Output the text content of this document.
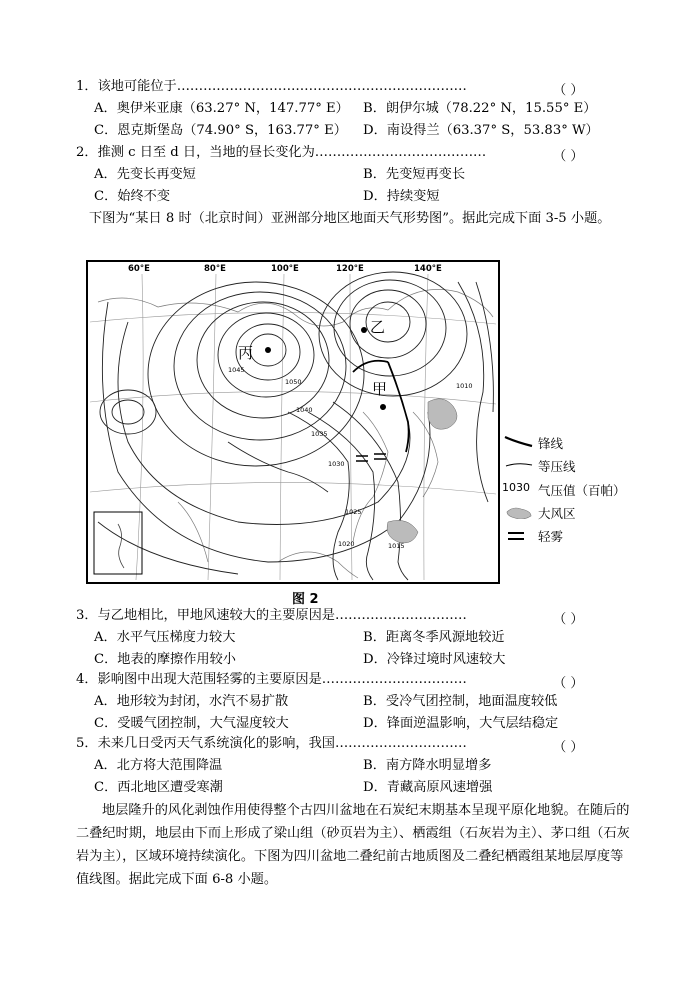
1．该地可能位于…………………………………………………………	（ ）
A．奥伊米亚康（63.27° N，147.77° E） B．朗伊尔城（78.22° N，15.55° E）
C．恩克斯堡岛（74.90° S，163.77° E） D．南设得兰（63.37° S，53.83° W）
2．推测 c 日至 d 日，当地的昼长变化为…………………………………	（ ）
A．先变长再变短	B．先变短再变长
C．始终不变	D．持续变短
下图为“某日 8 时（北京时间）亚洲部分地区地面天气形势图”。据此完成下面 3-5 小题。
60°E	80°E	100°E	120°E	140°E
1045
1050
1040
1035
1030
1025
1020	1015
1010
丙
甲
乙
锋线
等压线
1030 气压值（百帕）
大风区
轻雾
图 2
3．与乙地相比，甲地风速较大的主要原因是…………………………	（ ）
A．水平气压梯度力较大	B．距离冬季风源地较近
C．地表的摩擦作用较小	D．冷锋过境时风速较大
4．影响图中出现大范围轻雾的主要原因是……………………………	（ ）
A．地形较为封闭，水汽不易扩散	B．受冷气团控制，地面温度较低
C．受暖气团控制，大气湿度较大	D．锋面逆温影响，大气层结稳定
5．未来几日受丙天气系统演化的影响，我国…………………………	（ ）
A．北方将大范围降温	B．南方降水明显增多
C．西北地区遭受寒潮	D．青藏高原风速增强
地层隆升的风化剥蚀作用使得整个古四川盆地在石炭纪末期基本呈现平原化地貌。在随后的二叠纪时期，地层由下而上形成了梁山组（砂页岩为主）、栖霞组（石灰岩为主）、茅口组（石灰岩为主），区域环境持续演化。下图为四川盆地二叠纪前古地质图及二叠纪栖霞组某地层厚度等值线图。据此完成下面 6-8 小题。
